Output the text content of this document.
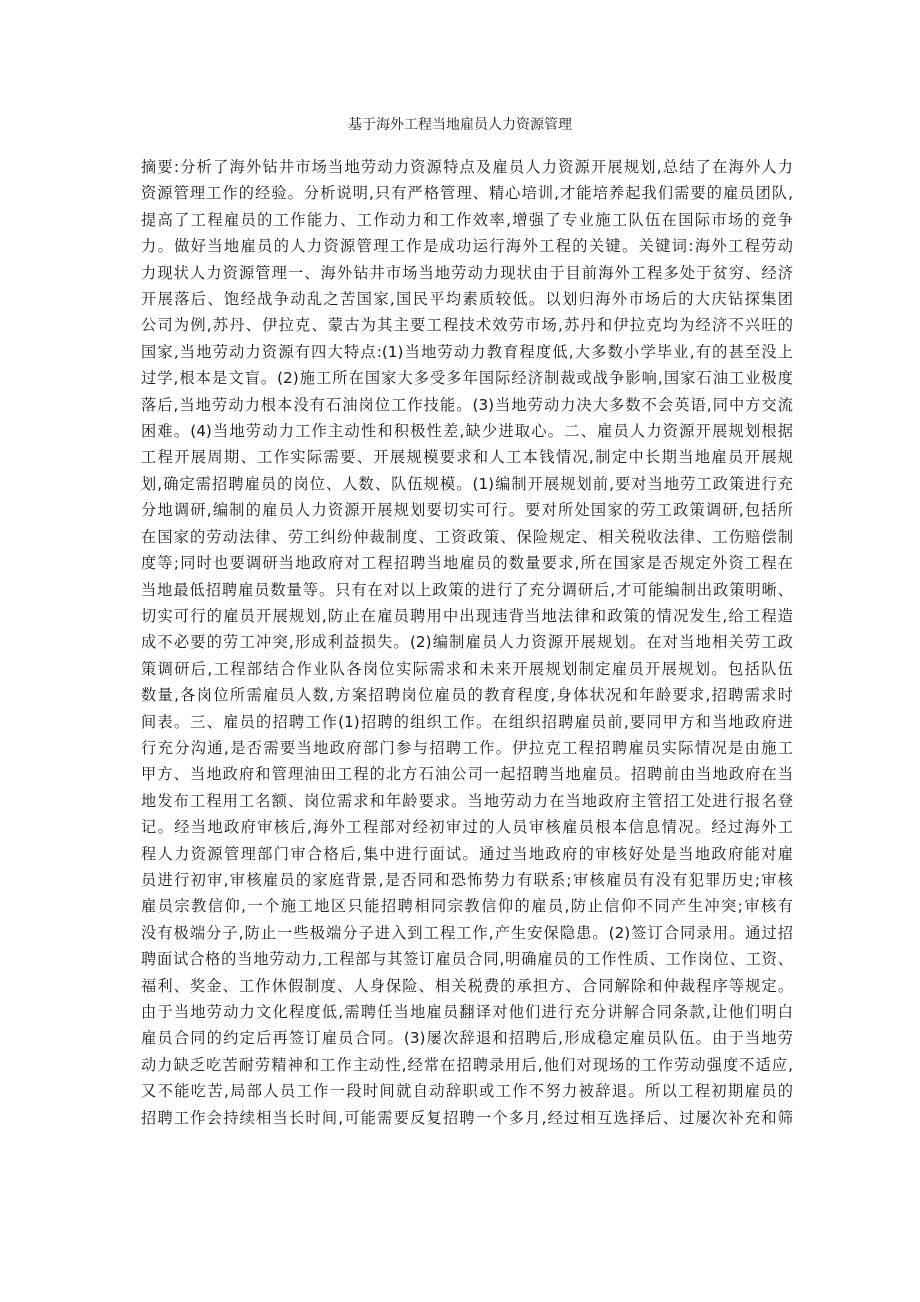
基于海外工程当地雇员人力资源管理
摘要:分析了海外钻井市场当地劳动力资源特点及雇员人力资源开展规划,总结了在海外人力
资源管理工作的经验。分析说明,只有严格管理、精心培训,才能培养起我们需要的雇员团队,
提高了工程雇员的工作能力、工作动力和工作效率,增强了专业施工队伍在国际市场的竞争
力。做好当地雇员的人力资源管理工作是成功运行海外工程的关键。关键词:海外工程劳动
力现状人力资源管理一、海外钻井市场当地劳动力现状由于目前海外工程多处于贫穷、经济
开展落后、饱经战争动乱之苦国家,国民平均素质较低。以划归海外市场后的大庆钻探集团
公司为例,苏丹、伊拉克、蒙古为其主要工程技术效劳市场,苏丹和伊拉克均为经济不兴旺的
国家,当地劳动力资源有四大特点:(1)当地劳动力教育程度低,大多数小学毕业,有的甚至没上
过学,根本是文盲。(2)施工所在国家大多受多年国际经济制裁或战争影响,国家石油工业极度
落后,当地劳动力根本没有石油岗位工作技能。(3)当地劳动力决大多数不会英语,同中方交流
困难。(4)当地劳动力工作主动性和积极性差,缺少进取心。二、雇员人力资源开展规划根据
工程开展周期、工作实际需要、开展规模要求和人工本钱情况,制定中长期当地雇员开展规
划,确定需招聘雇员的岗位、人数、队伍规模。(1)编制开展规划前,要对当地劳工政策进行充
分地调研,编制的雇员人力资源开展规划要切实可行。要对所处国家的劳工政策调研,包括所
在国家的劳动法律、劳工纠纷仲裁制度、工资政策、保险规定、相关税收法律、工伤赔偿制
度等;同时也要调研当地政府对工程招聘当地雇员的数量要求,所在国家是否规定外资工程在
当地最低招聘雇员数量等。只有在对以上政策的进行了充分调研后,才可能编制出政策明晰、
切实可行的雇员开展规划,防止在雇员聘用中出现违背当地法律和政策的情况发生,给工程造
成不必要的劳工冲突,形成利益损失。(2)编制雇员人力资源开展规划。在对当地相关劳工政
策调研后,工程部结合作业队各岗位实际需求和未来开展规划制定雇员开展规划。包括队伍
数量,各岗位所需雇员人数,方案招聘岗位雇员的教育程度,身体状况和年龄要求,招聘需求时
间表。三、雇员的招聘工作(1)招聘的组织工作。在组织招聘雇员前,要同甲方和当地政府进
行充分沟通,是否需要当地政府部门参与招聘工作。伊拉克工程招聘雇员实际情况是由施工
甲方、当地政府和管理油田工程的北方石油公司一起招聘当地雇员。招聘前由当地政府在当
地发布工程用工名额、岗位需求和年龄要求。当地劳动力在当地政府主管招工处进行报名登
记。经当地政府审核后,海外工程部对经初审过的人员审核雇员根本信息情况。经过海外工
程人力资源管理部门审合格后,集中进行面试。通过当地政府的审核好处是当地政府能对雇
员进行初审,审核雇员的家庭背景,是否同和恐怖势力有联系;审核雇员有没有犯罪历史;审核
雇员宗教信仰,一个施工地区只能招聘相同宗教信仰的雇员,防止信仰不同产生冲突;审核有
没有极端分子,防止一些极端分子进入到工程工作,产生安保隐患。(2)签订合同录用。通过招
聘面试合格的当地劳动力,工程部与其签订雇员合同,明确雇员的工作性质、工作岗位、工资、
福利、奖金、工作休假制度、人身保险、相关税费的承担方、合同解除和仲裁程序等规定。
由于当地劳动力文化程度低,需聘任当地雇员翻译对他们进行充分讲解合同条款,让他们明白
雇员合同的约定后再签订雇员合同。(3)屡次辞退和招聘后,形成稳定雇员队伍。由于当地劳
动力缺乏吃苦耐劳精神和工作主动性,经常在招聘录用后,他们对现场的工作劳动强度不适应,
又不能吃苦,局部人员工作一段时间就自动辞职或工作不努力被辞退。所以工程初期雇员的
招聘工作会持续相当长时间,可能需要反复招聘一个多月,经过相互选择后、过屡次补充和筛
